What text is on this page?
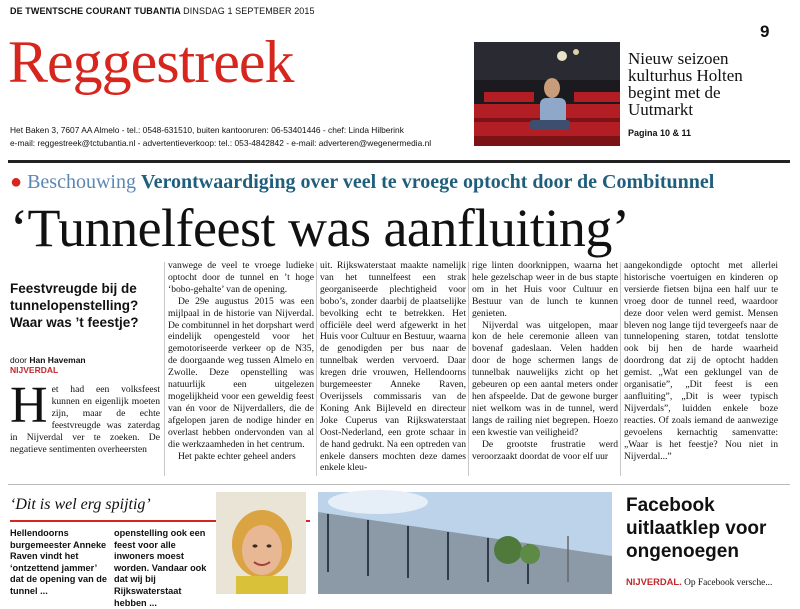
DE TWENTSCHE COURANT TUBANTIA DINSDAG 1 SEPTEMBER 2015
9
Reggestreek
Het Baken 3, 7607 AA Almelo - tel.: 0548-631510, buiten kantooruren: 06-53401446 - chef: Linda Hilberink
e-mail: reggestreek@tctubantia.nl - advertentieverkoop: tel.: 053-4842842 - e-mail: adverteren@wegenermedia.nl
Nieuw seizoen kulturhus Holten begint met de Uutmarkt
Pagina 10 & 11
● Beschouwing Verontwaardiging over veel te vroege optocht door de Combitunnel
‘Tunnelfeest was aanfluiting’
Feestvreugde bij de tunnelopenstelling? Waar was ’t feestje?
door Han Haveman
NIJVERDAL
H et had een volksfeest kunnen en eigenlijk moeten zijn, maar de echte feestvreugde was zaterdag in Nijverdal ver te zoeken. De negatieve sentimenten overheersten

vanwege de veel te vroege ludieke optocht door de tunnel en ’t hoge ‘bobo-gehalte’ van de opening.

De 29e augustus 2015 was een mijlpaal in de historie van Nijverdal. De combitunnel in het dorpshart werd eindelijk opengesteld voor het gemotoriseerde verkeer op de N35, de doorgaande weg tussen Almelo en Zwolle. Deze openstelling was natuurlijk een uitgelezen mogelijkheid voor een geweldig feest van én voor de Nijverdallers, die de afgelopen jaren de nodige hinder en overlast hebben ondervonden van al die werkzaamheden in het centrum.

Het pakte echter geheel anders

uit. Rijkswaterstaat maakte namelijk van het tunnelfeest een strak georganiseerde plechtigheid voor bobo’s, zonder daarbij de plaatselijke bevolking echt te betrekken. Het officiële deel werd afgewerkt in het Huis voor Cultuur en Bestuur, waarna de genodigden per bus naar de tunnelbak werden vervoerd. Daar kregen drie vrouwen, Hellendoorns burgemeester Anneke Raven, Overijssels commissaris van de Koning Ank Bijleveld en directeur Joke Cuperus van Rijkswaterstaat Oost-Nederland, een grote schaar in de hand gedrukt. Na een optreden van enkele dansers mochten deze dames enkele kleu-

rige linten doorknippen, waarna het hele gezelschap weer in de bus stapte om in het Huis voor Cultuur en Bestuur van de lunch te kunnen genieten.

Nijverdal was uitgelopen, maar kon de hele ceremonie alleen van bovenaf gadeslaan. Velen hadden door de hoge schermen langs de tunnelbak nauwelijks zicht op het gebeuren op een aantal meters onder hen afspeelde. Dat de gewone burger niet welkom was in de tunnel, werd langs de railing niet begrepen. Hoezo een kwestie van veiligheid?

De grootste frustratie werd veroorzaakt doordat de voor elf uur

aangekondigde optocht met allerlei historische voertuigen en kinderen op versierde fietsen bijna een half uur te vroeg door de tunnel reed, waardoor deze door velen werd gemist. Mensen bleven nog lange tijd tevergeefs naar de tunnelopening staren, totdat tenslotte ook bij hen de harde waarheid doordrong dat zij de optocht hadden gemist. „Wat een geklungel van de organisatie”, „Dit feest is een aanfluiting”, „Dit is weer typisch Nijverdals”, luidden enkele boze reacties. Of zoals iemand de aanwezige gevoelens kernachtig samenvatte: „Waar is het feestje? Nou niet in Nijverdal...”

‘Dit is wel erg spijtig’
Hellendoorns burgemeester Anneke Raven vindt het ‘ontzettend jammer’ dat de opening van de tunnel ...
openstelling ook een feest voor alle inwoners moest worden. Vandaar ook dat wij bij Rijkswaterstaat hebben ...
Facebook uitlaatklep voor ongenoegen
NIJVERDAL. Op Facebook versche...
